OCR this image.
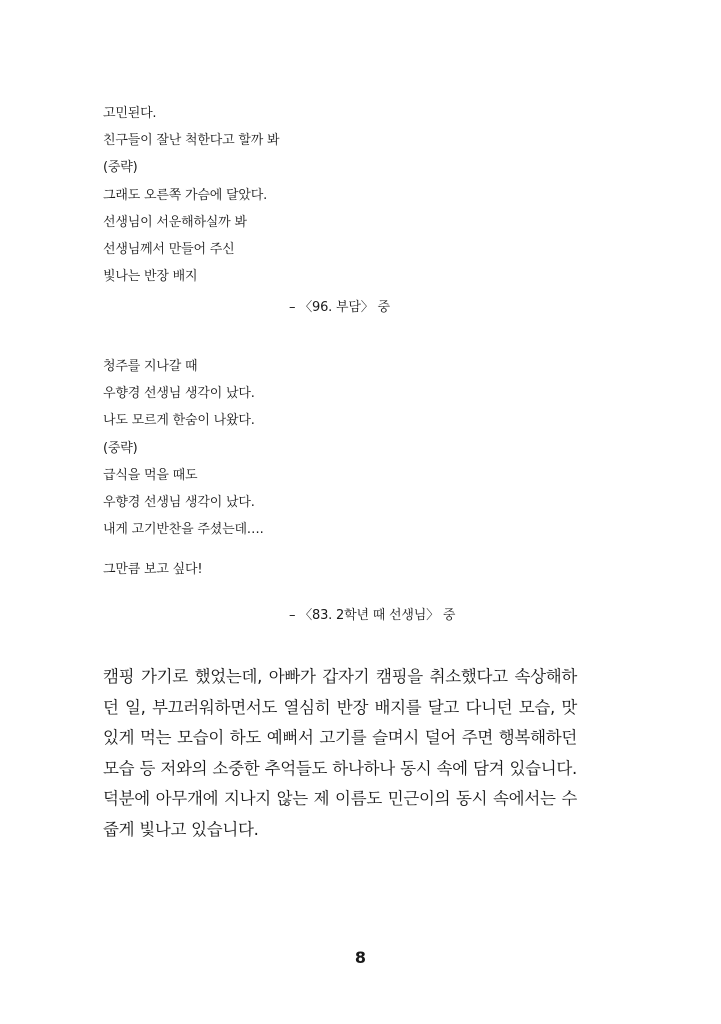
고민된다.
친구들이 잘난 척한다고 할까 봐
(중략)
그래도 오른쪽 가슴에 달았다.
선생님이 서운해하실까 봐
선생님께서 만들어 주신
빛나는 반장 배지
– 〈96. 부담〉 중
청주를 지나갈 때
우향경 선생님 생각이 났다.
나도 모르게 한숨이 나왔다.
(중략)
급식을 먹을 때도
우향경 선생님 생각이 났다.
내게 고기반찬을 주셨는데….
그만큼 보고 싶다!
– 〈83. 2학년 때 선생님〉 중

캠핑 가기로 했었는데, 아빠가 갑자기 캠핑을 취소했다고 속상해하던 일, 부끄러워하면서도 열심히 반장 배지를 달고 다니던 모습, 맛있게 먹는 모습이 하도 예뻐서 고기를 슬며시 덜어 주면 행복해하던 모습 등 저와의 소중한 추억들도 하나하나 동시 속에 담겨 있습니다. 덕분에 아무개에 지나지 않는 제 이름도 민근이의 동시 속에서는 수줍게 빛나고 있습니다.

8
